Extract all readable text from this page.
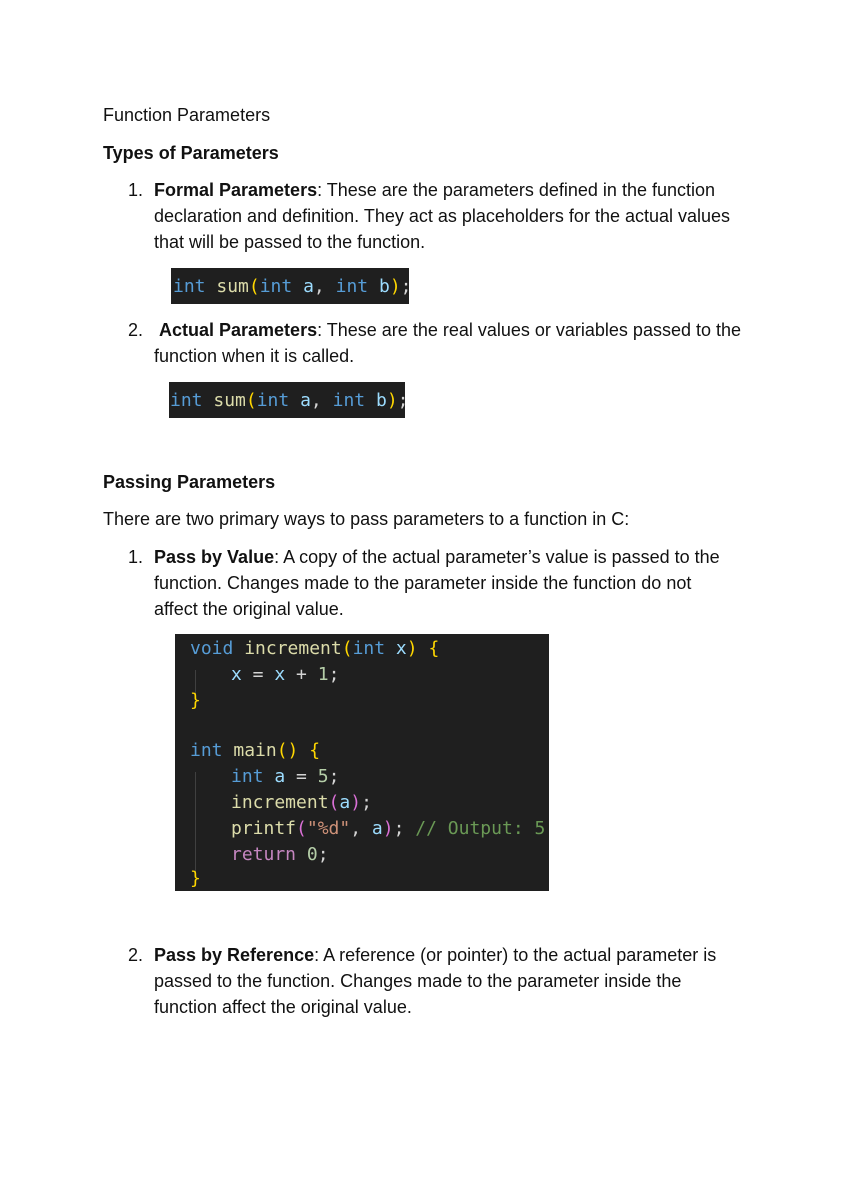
Function Parameters
Types of Parameters
1. Formal Parameters: These are the parameters defined in the function
declaration and definition. They act as placeholders for the actual values
that will be passed to the function.

int sum(int a, int b);

2. Actual Parameters: These are the real values or variables passed to the
function when it is called.

int sum(int a, int b);

Passing Parameters
There are two primary ways to pass parameters to a function in C:
1. Pass by Value: A copy of the actual parameter’s value is passed to the
function. Changes made to the parameter inside the function do not
affect the original value.

void increment(int x) {

x = x + 1;

}

int main() {

int a = 5;

increment(a);

printf("%d", a); // Output: 5

return 0;

}

2. Pass by Reference: A reference (or pointer) to the actual parameter is
passed to the function. Changes made to the parameter inside the
function affect the original value.
